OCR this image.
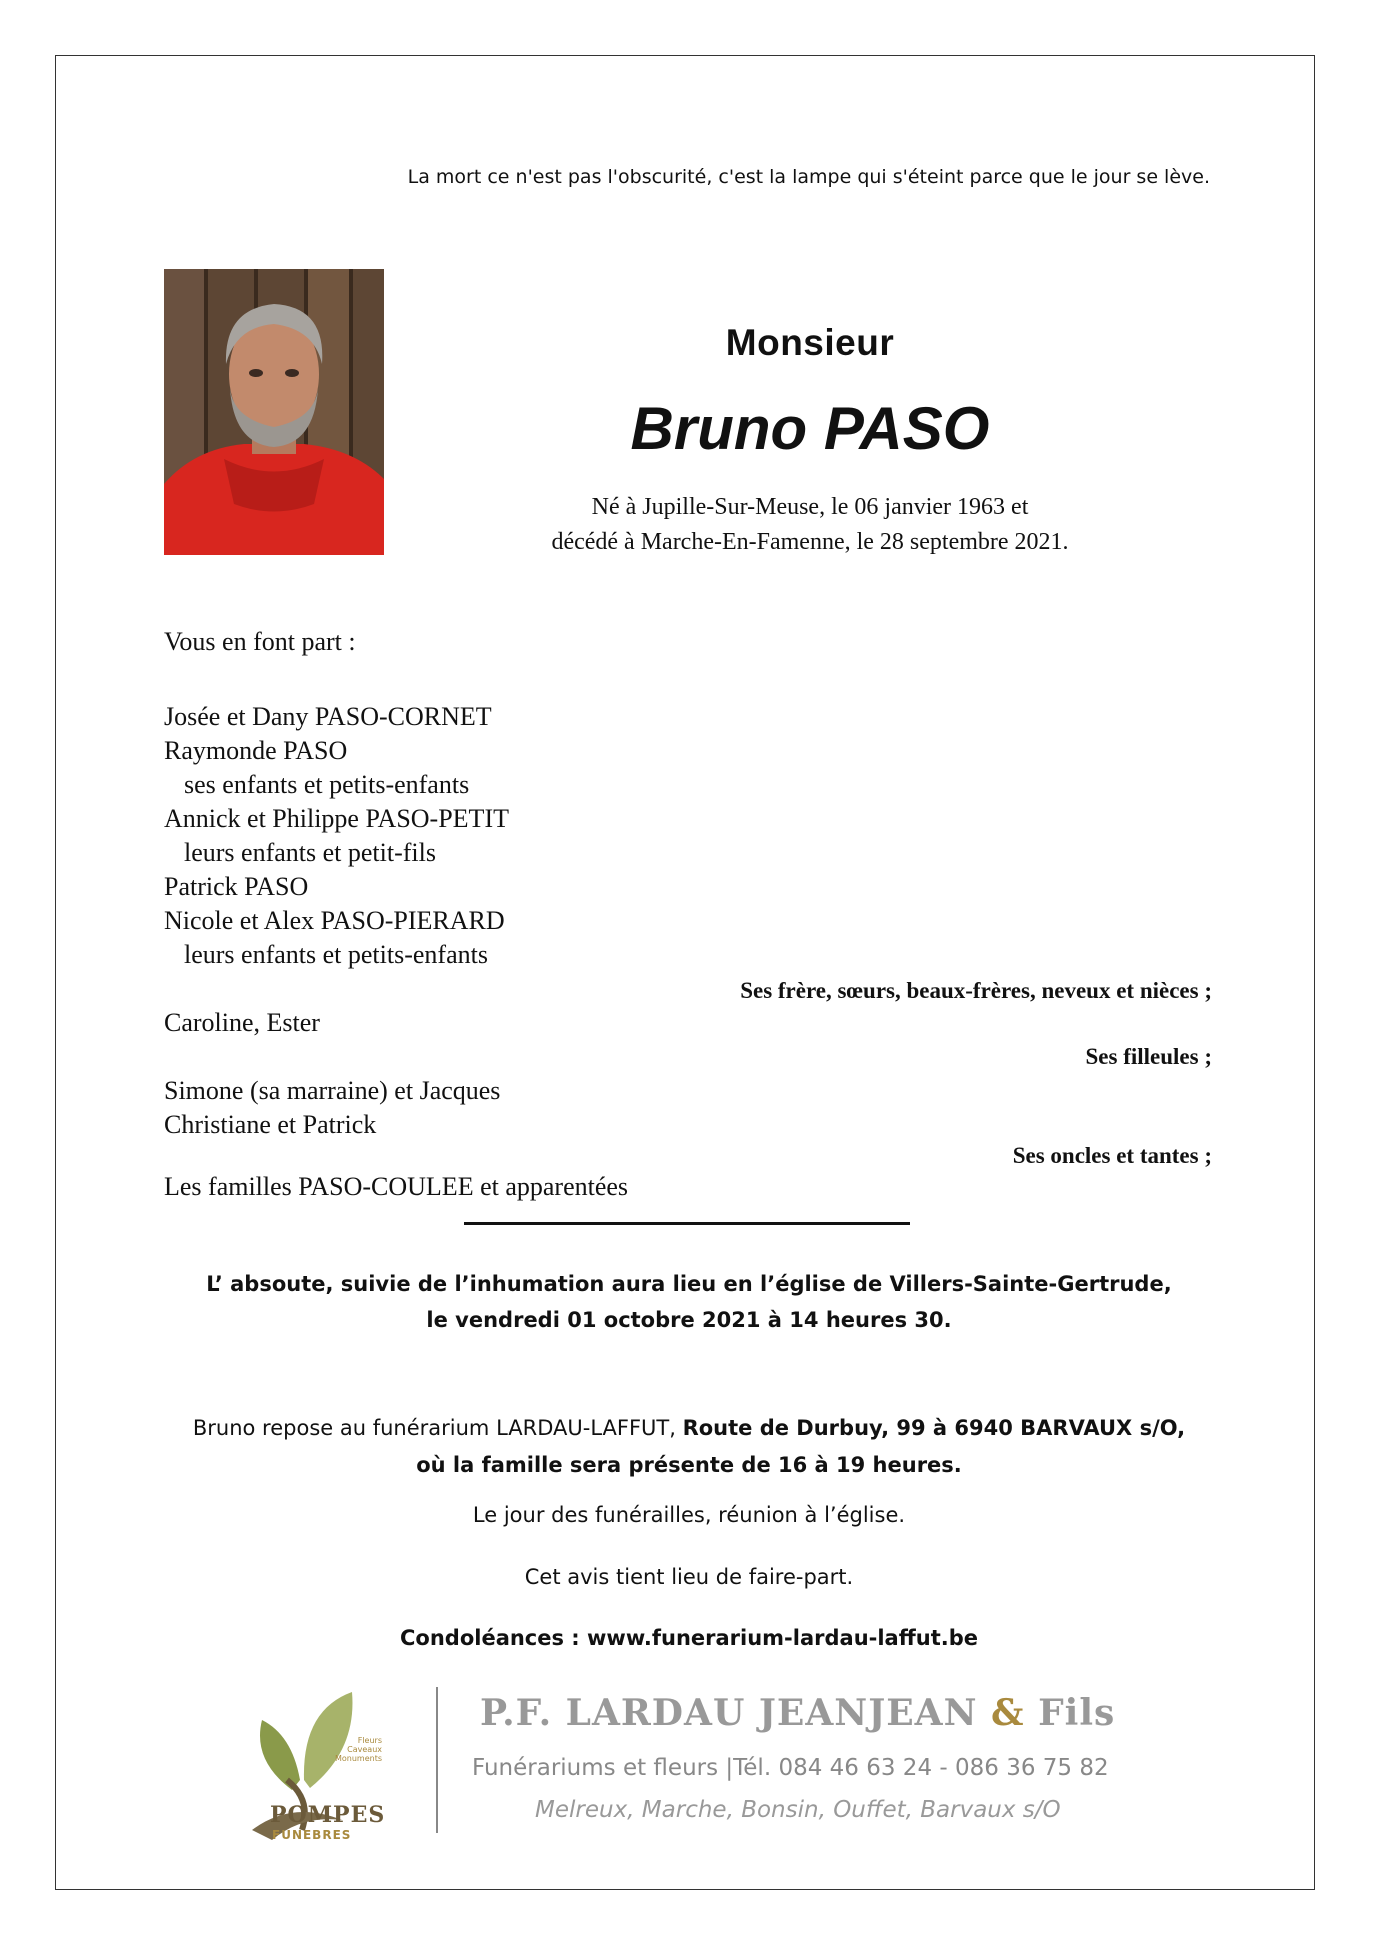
La mort ce n'est pas l'obscurité, c'est la lampe qui s'éteint parce que le jour se lève.
Monsieur
Bruno PASO
Né à Jupille-Sur-Meuse, le 06 janvier 1963 et
décédé à Marche-En-Famenne, le 28 septembre 2021.
Vous en font part :
Josée et Dany PASO-CORNET
Raymonde PASO
ses enfants et petits-enfants
Annick et Philippe PASO-PETIT
leurs enfants et petit-fils
Patrick PASO
Nicole et Alex PASO-PIERARD
leurs enfants et petits-enfants
Ses frère, sœurs, beaux-frères, neveux et nièces ;
Caroline, Ester
Ses filleules ;
Simone (sa marraine) et Jacques
Christiane et Patrick
Ses oncles et tantes ;
Les familles PASO-COULEE et apparentées
L’ absoute, suivie de l’inhumation aura lieu en l’église de Villers-Sainte-Gertrude,
le vendredi 01 octobre 2021 à 14 heures 30.
Bruno repose au funérarium LARDAU-LAFFUT, Route de Durbuy, 99 à 6940 BARVAUX s/O,
où la famille sera présente de 16 à 19 heures.
Le jour des funérailles, réunion à l’église.
Cet avis tient lieu de faire-part.
Condoléances : www.funerarium-lardau-laffut.be
Fleurs
Caveaux
Monuments
POMPES
FUNEBRES
P.F. LARDAU JEANJEAN & Fils
Funérariums et fleurs |Tél. 084 46 63 24 - 086 36 75 82
Melreux, Marche, Bonsin, Ouffet, Barvaux s/O
